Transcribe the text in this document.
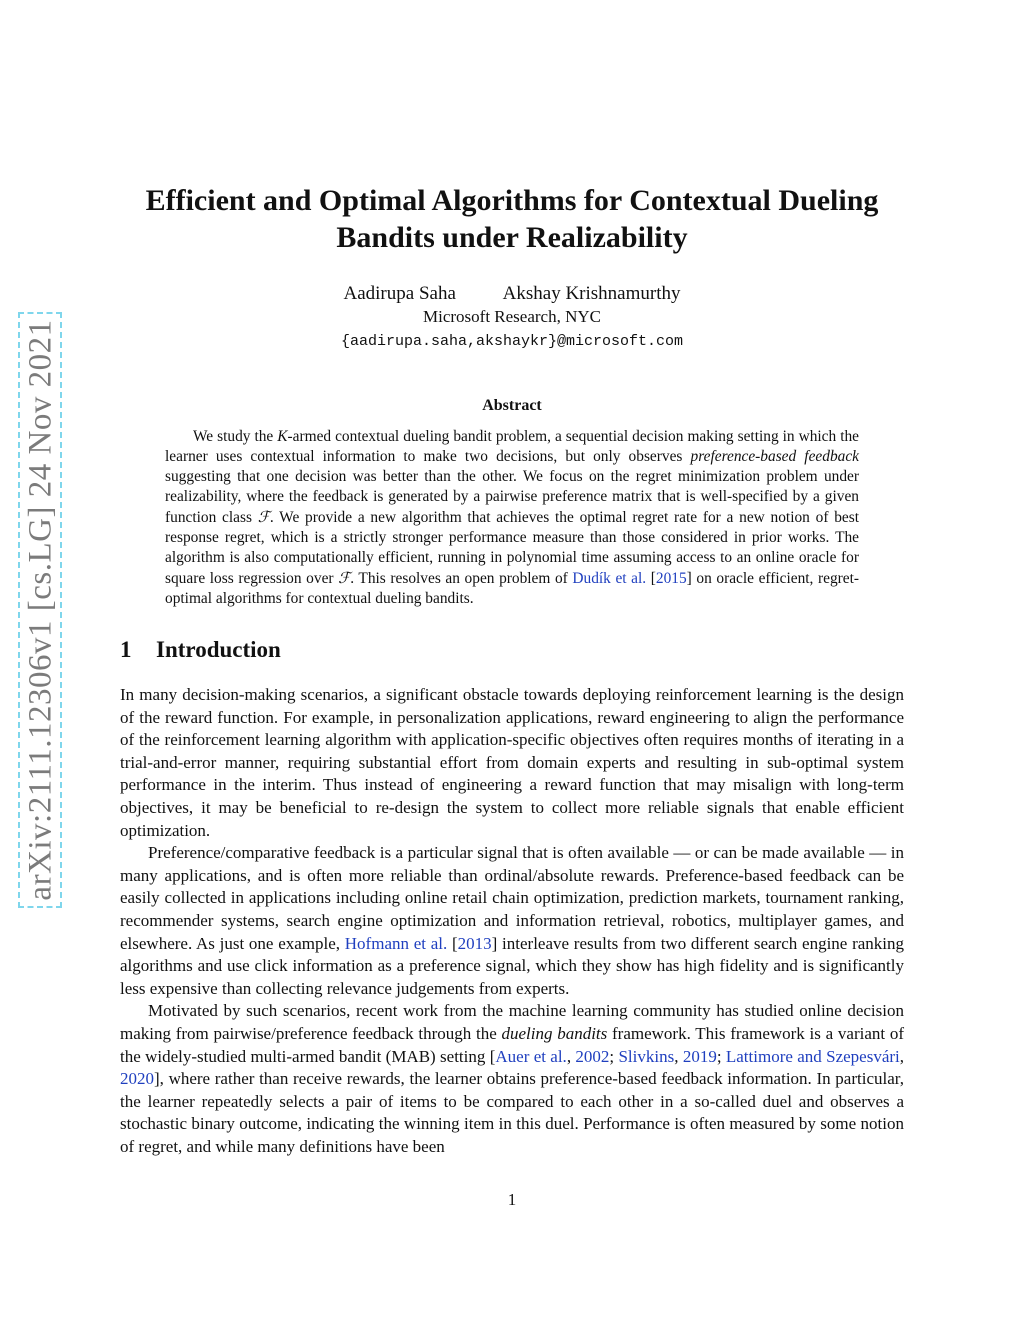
arXiv:2111.12306v1 [cs.LG] 24 Nov 2021
Efficient and Optimal Algorithms for Contextual Dueling
Bandits under Realizability
Aadirupa Saha Akshay Krishnamurthy
Microsoft Research, NYC
{aadirupa.saha,akshaykr}@microsoft.com
Abstract

We study the K-armed contextual dueling bandit problem, a sequential decision making setting in which the learner uses contextual information to make two decisions, but only observes preference-based feedback suggesting that one decision was better than the other. We focus on the regret minimization problem under realizability, where the feedback is generated by a pairwise preference matrix that is well-specified by a given function class ℱ. We provide a new algorithm that achieves the optimal regret rate for a new notion of best response regret, which is a strictly stronger performance measure than those considered in prior works. The algorithm is also computationally efficient, running in polynomial time assuming access to an online oracle for square loss regression over ℱ. This resolves an open problem of Dudík et al. [2015] on oracle efficient, regret-optimal algorithms for contextual dueling bandits.

1 Introduction

In many decision-making scenarios, a significant obstacle towards deploying reinforcement learning is the design of the reward function. For example, in personalization applications, reward engineering to align the performance of the reinforcement learning algorithm with application-specific objectives often requires months of iterating in a trial-and-error manner, requiring substantial effort from domain experts and resulting in sub-optimal system performance in the interim. Thus instead of engineering a reward function that may misalign with long-term objectives, it may be beneficial to re-design the system to collect more reliable signals that enable efficient optimization.

Preference/comparative feedback is a particular signal that is often available — or can be made available — in many applications, and is often more reliable than ordinal/absolute rewards. Preference-based feedback can be easily collected in applications including online retail chain optimization, prediction markets, tournament ranking, recommender systems, search engine optimization and information retrieval, robotics, multiplayer games, and elsewhere. As just one example, Hofmann et al. [2013] interleave results from two different search engine ranking algorithms and use click information as a preference signal, which they show has high fidelity and is significantly less expensive than collecting relevance judgements from experts.

Motivated by such scenarios, recent work from the machine learning community has studied online decision making from pairwise/preference feedback through the dueling bandits framework. This framework is a variant of the widely-studied multi-armed bandit (MAB) setting [Auer et al., 2002; Slivkins, 2019; Lattimore and Szepesvári, 2020], where rather than receive rewards, the learner obtains preference-based feedback information. In particular, the learner repeatedly selects a pair of items to be compared to each other in a so-called duel and observes a stochastic binary outcome, indicating the winning item in this duel. Performance is often measured by some notion of regret, and while many definitions have been

1
